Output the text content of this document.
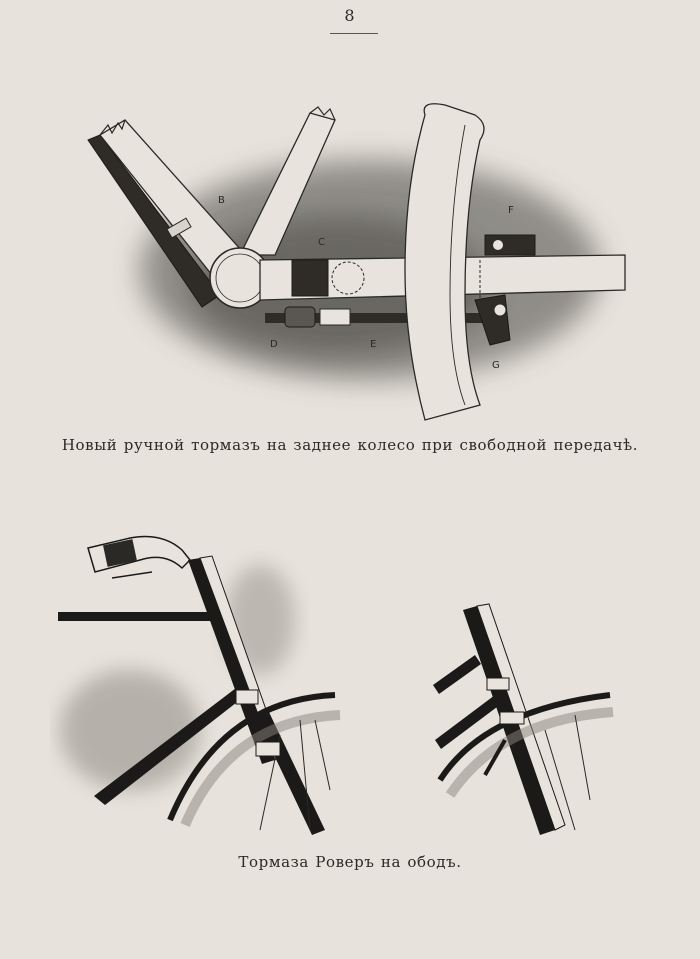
8
B
C
D	E
F
G
Новый ручной тормазъ на заднее колесо при свободной передачѣ.
Тормаза Роверъ на ободъ.
